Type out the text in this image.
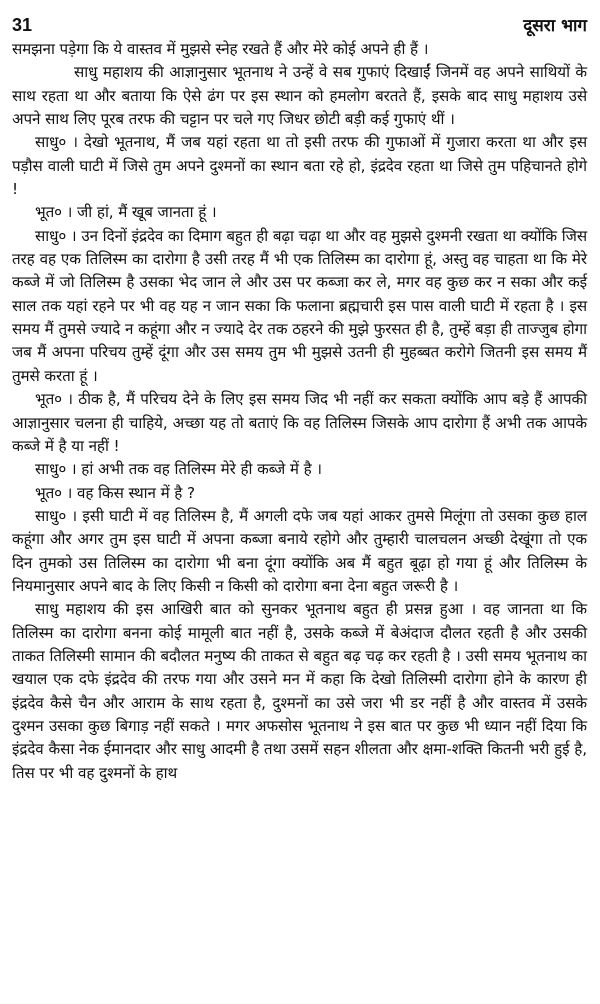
31	दूसरा भाग

समझना पड़ेगा कि ये वास्तव में मुझसे स्नेह रखते हैं और मेरे कोई अपने ही हैं ।

साधु महाशय की आज्ञानुसार भूतनाथ ने उन्हें वे सब गुफाएं दिखाईं जिनमें वह अपने साथियों के साथ रहता था और बताया कि ऐसे ढंग पर इस स्थान को हमलोग बरतते हैं, इसके बाद साधु महाशय उसे अपने साथ लिए पूरब तरफ की चट्टान पर चले गए जिधर छोटी बड़ी कई गुफाएं थीं ।

साधु० । देखो भूतनाथ, मैं जब यहां रहता था तो इसी तरफ की गुफाओं में गुजारा करता था और इस पड़ौस वाली घाटी में जिसे तुम अपने दुश्मनों का स्थान बता रहे हो, इंद्रदेव रहता था जिसे तुम पहिचानते होगे !

भूत० । जी हां, मैं खूब जानता हूं ।

साधु० । उन दिनों इंद्रदेव का दिमाग बहुत ही बढ़ा चढ़ा था और वह मुझसे दुश्मनी रखता था क्योंकि जिस तरह वह एक तिलिस्म का दारोगा है उसी तरह मैं भी एक तिलिस्म का दारोगा हूं, अस्तु वह चाहता था कि मेरे कब्जे में जो तिलिस्म है उसका भेद जान ले और उस पर कब्जा कर ले, मगर वह कुछ कर न सका और कई साल तक यहां रहने पर भी वह यह न जान सका कि फलाना ब्रह्मचारी इस पास वाली घाटी में रहता है । इस समय मैं तुमसे ज्यादे न कहूंगा और न ज्यादे देर तक ठहरने की मुझे फुरसत ही है, तुम्हें बड़ा ही ताज्जुब होगा जब मैं अपना परिचय तुम्हें दूंगा और उस समय तुम भी मुझसे उतनी ही मुहब्बत करोगे जितनी इस समय मैं तुमसे करता हूं ।

भूत० । ठीक है, मैं परिचय देने के लिए इस समय जिद भी नहीं कर सकता क्योंकि आप बड़े हैं आपकी आज्ञानुसार चलना ही चाहिये, अच्छा यह तो बताएं कि वह तिलिस्म जिसके आप दारोगा हैं अभी तक आपके कब्जे में है या नहीं !

साधु० । हां अभी तक वह तिलिस्म मेरे ही कब्जे में है ।

भूत० । वह किस स्थान में है ?

साधु० । इसी घाटी में वह तिलिस्म है, मैं अगली दफे जब यहां आकर तुमसे मिलूंगा तो उसका कुछ हाल कहूंगा और अगर तुम इस घाटी में अपना कब्जा बनाये रहोगे और तुम्हारी चालचलन अच्छी देखूंगा तो एक दिन तुमको उस तिलिस्म का दारोगा भी बना दूंगा क्योंकि अब मैं बहुत बूढ़ा हो गया हूं और तिलिस्म के नियमानुसार अपने बाद के लिए किसी न किसी को दारोगा बना देना बहुत जरूरी है ।

साधु महाशय की इस आखिरी बात को सुनकर भूतनाथ बहुत ही प्रसन्न हुआ । वह जानता था कि तिलिस्म का दारोगा बनना कोई मामूली बात नहीं है, उसके कब्जे में बेअंदाज दौलत रहती है और उसकी ताकत तिलिस्मी सामान की बदौलत मनुष्य की ताकत से बहुत बढ़ चढ़ कर रहती है । उसी समय भूतनाथ का खयाल एक दफे इंद्रदेव की तरफ गया और उसने मन में कहा कि देखो तिलिस्मी दारोगा होने के कारण ही इंद्रदेव कैसे चैन और आराम के साथ रहता है, दुश्मनों का उसे जरा भी डर नहीं है और वास्तव में उसके दुश्मन उसका कुछ बिगाड़ नहीं सकते । मगर अफसोस भूतनाथ ने इस बात पर कुछ भी ध्यान नहीं दिया कि इंद्रदेव कैसा नेक ईमानदार और साधु आदमी है तथा उसमें सहन शीलता और क्षमा-शक्ति कितनी भरी हुई है, तिस पर भी वह दुश्मनों के हाथ
